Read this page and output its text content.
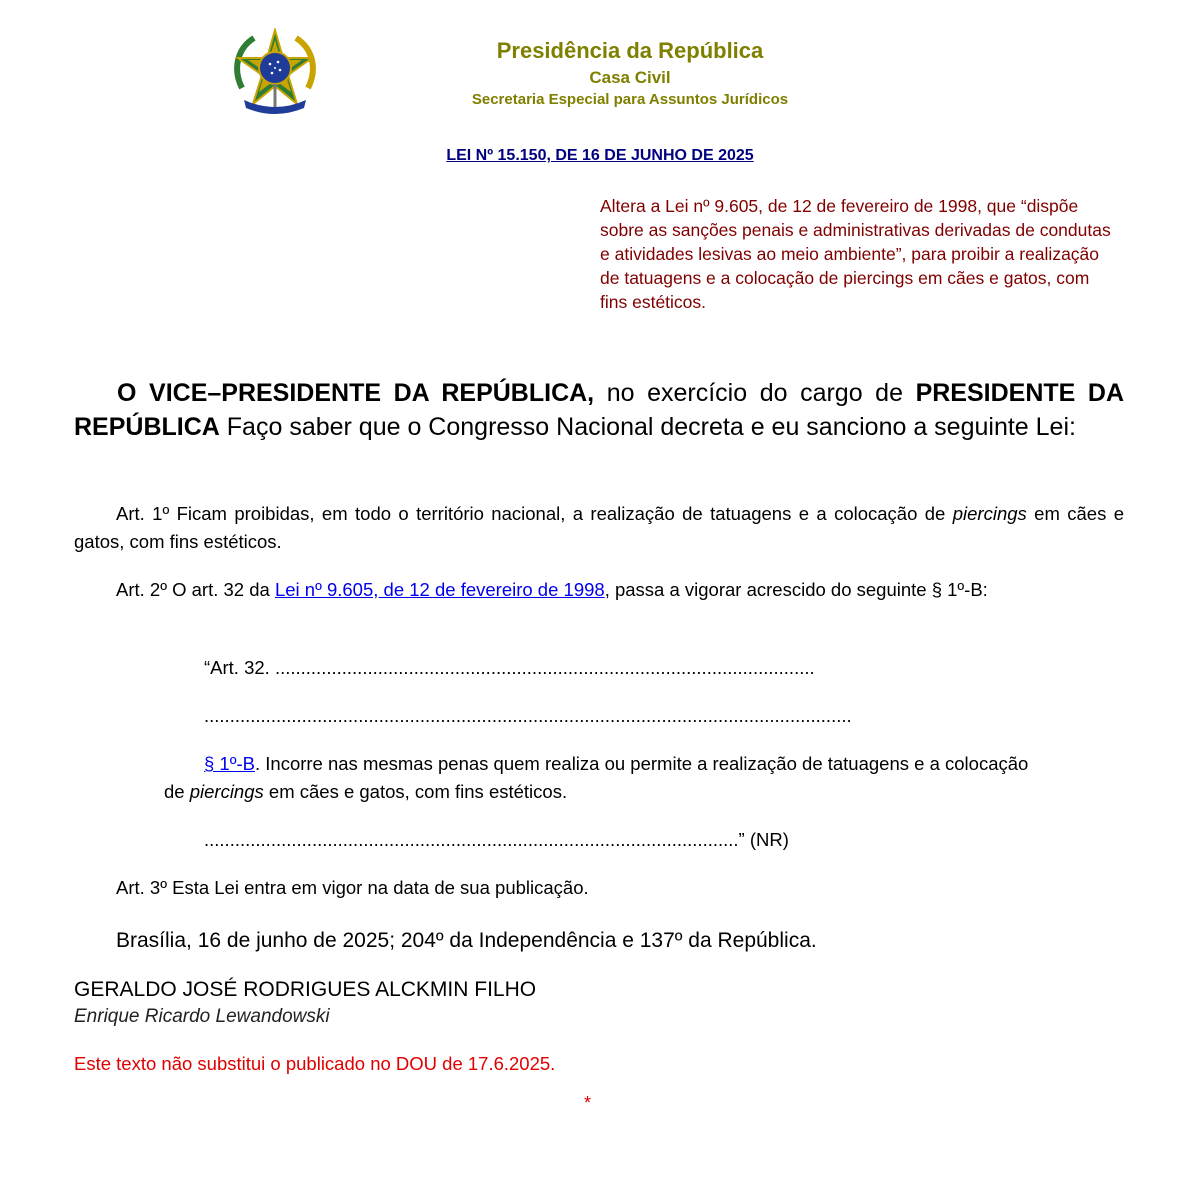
Presidência da República
Casa Civil
Secretaria Especial para Assuntos Jurídicos
LEI Nº 15.150, DE 16 DE JUNHO DE 2025
Altera a Lei nº 9.605, de 12 de fevereiro de 1998, que “dispõe sobre as sanções penais e administrativas derivadas de condutas e atividades lesivas ao meio ambiente”, para proibir a realização de tatuagens e a colocação de piercings em cães e gatos, com fins estéticos.
O VICE–PRESIDENTE DA REPÚBLICA, no exercício do cargo de PRESIDENTE DA REPÚBLICA Faço saber que o Congresso Nacional decreta e eu sanciono a seguinte Lei:
Art. 1º Ficam proibidas, em todo o território nacional, a realização de tatuagens e a colocação de piercings em cães e gatos, com fins estéticos.
Art. 2º O art. 32 da Lei nº 9.605, de 12 de fevereiro de 1998, passa a vigorar acrescido do seguinte § 1º-B:
“Art. 32. .........................................................................................................
..............................................................................................................................
§ 1º-B. Incorre nas mesmas penas quem realiza ou permite a realização de tatuagens e a colocação de piercings em cães e gatos, com fins estéticos.
........................................................................................................” (NR)
Art. 3º Esta Lei entra em vigor na data de sua publicação.
Brasília, 16 de junho de 2025; 204º da Independência e 137º da República.
GERALDO JOSÉ RODRIGUES ALCKMIN FILHO
Enrique Ricardo Lewandowski
Este texto não substitui o publicado no DOU de 17.6.2025.
*
